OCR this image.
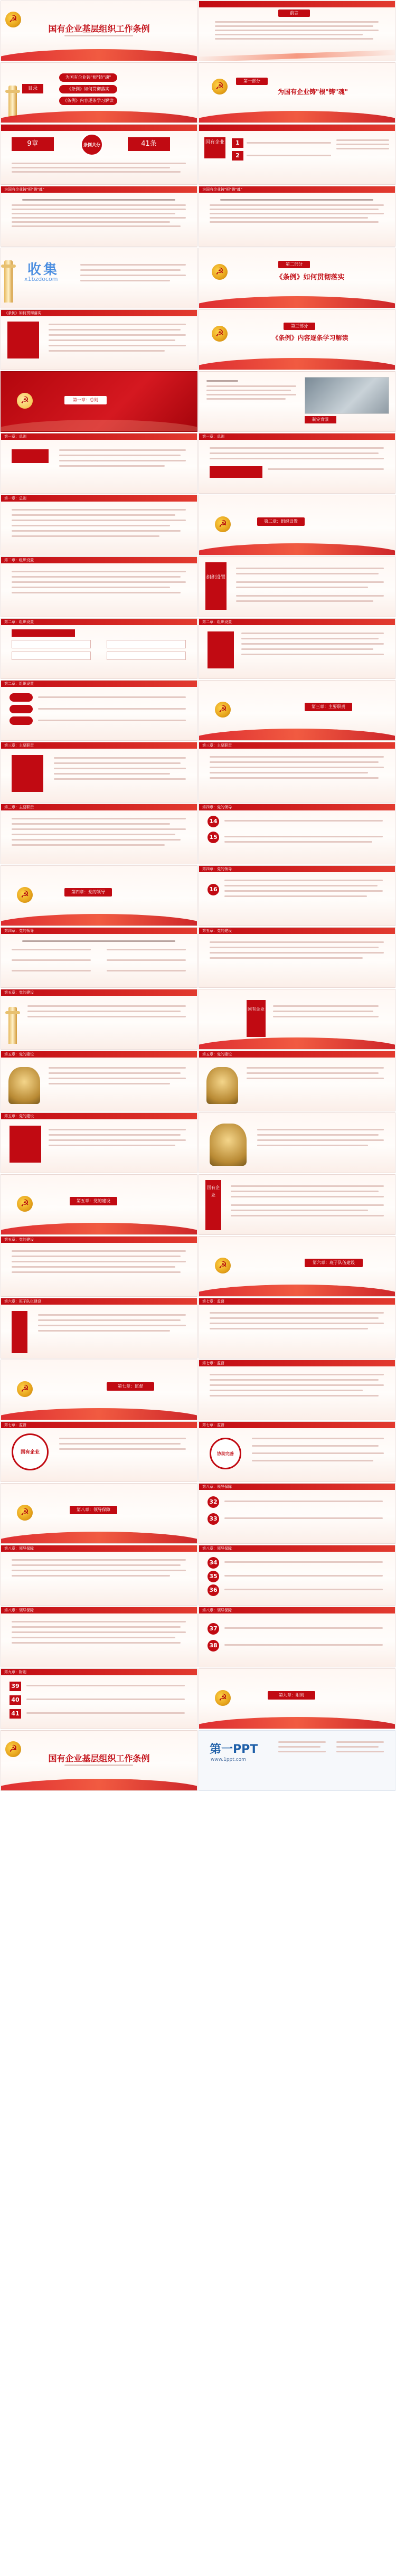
☭
国有企业基层组织工作条例
前言
目录
为国有企业铸"根"铸"魂"
《条例》如何贯彻落实
《条例》内容逐条学习解读
☭	第一部分
为国有企业铸"根"铸"魂"
9章	条例共分	41条	国有企业	1
2
为国有企业铸"根"铸"魂"	为国有企业铸"根"铸"魂"
收集
x1bzdocom
☭
第二部分
《条例》如何贯彻落实
《条例》如何贯彻落实
☭
第三部分
《条例》内容逐条学习解读
☭	第一章：总则
制定背景
第一章：总则	第一章：总则
第一章：总则
☭	第二章：组织设置
第二章：组织设置
组织设置
第二章：组织设置	第二章：组织设置
第二章：组织设置
☭	第三章：主要职责
第三章：主要职责	第三章：主要职责
第三章：主要职责	第四章：党的领导
14
15
☭	第四章：党的领导
第四章：党的领导
16
第四章：党的领导	第五章：党的建设
第五章：党的建设
国有企业
第五章：党的建设	第五章：党的建设
第五章：党的建设
☭	第五章：党的建设
国有企业
第五章：党的建设
☭	第六章：班子队伍建设
第六章：班子队伍建设	第七章：监督
☭	第七章：监督
第七章：监督
第七章：监督
国有企业
第七章：监督
协助完善
☭	第八章：领导保障
第八章：领导保障
32
33
第八章：领导保障	第八章：领导保障
34
35
36
第八章：领导保障	第八章：领导保障
37
38
第九章：附则
39
40
41
☭	第九章：附则
☭
国有企业基层组织工作条例
第一PPT
www.1ppt.com
